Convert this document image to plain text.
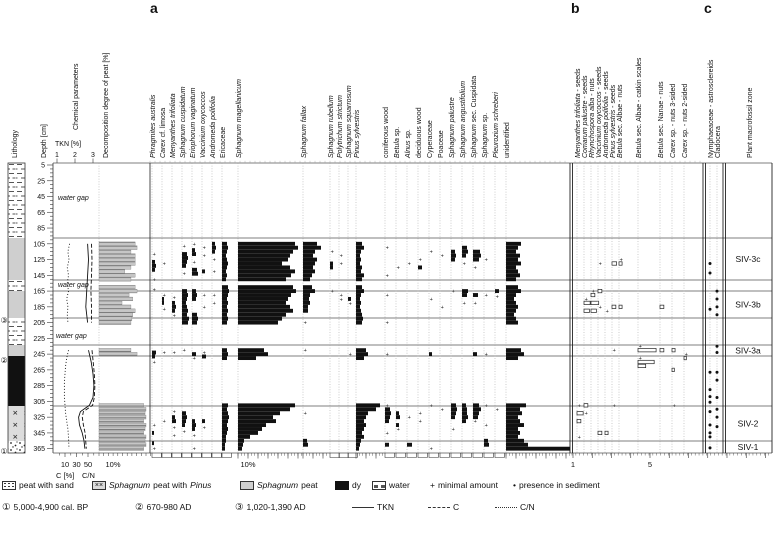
③
②
①
Lithology	Depth [cm]
Chemical parameters	Decomposition degree of peat [%]	Plant macrofossil zone
TKN [%]
5
25
45
65
85
105
125
145
165
185
205
225
245
265
285
305
325
345
365
water gap
water gap
water gap
1 2 3	Phragmites australis
+
+
+
+
+
+
Carex cf. limosa
+
+
+
+
+
Menyanthes trifoliata
+
+
+
+
+
+
Sphagnum cuspidatum
+
+
+
+
Eriophorum vaginatum
+
+
+
+
+
Vaccinium oxycoccos
+
+
+
+
+
+
Andromeda polifolia
+
+
+
+
Ericaceae Sphagnum magellanicum	Sphagnum fallax
+
+
+
Sphagnum rubellum
+
+
Polytrichum strictum
+
+
+
+
Sphagnum squarrosum
+
+
Pinus sylvestris	coniferous wood
+
+
+
+
+
+
+
Betula sp.
+
+
Alnus sp.
+
+
deciduous wood
+
+
+
Cyperaceae
+
+
+
+
Poaceae
+
+
+
Sphagnum palustre
+
+
Sphagnum angustifolium
+
+
Sphagnum sec. Cuspidata
+
+
+
Sphagnum sp.
+
+
+
+
+
Pleurozium schreberi
+
+
unidentified
10%
10 30 50
C [%] C/N
10%
Menyanthes trifoliata - seeds
+
+
Comarum palustre - seeds
+
+
Rhynchospora alba - nuts
+
Vaccinium oxycoccos - seeds
+
+
Andromeda polifolia - seeds
+
Pinus sylvestris - seeds
+
+
Betula sec. Albae - nuts
+
Betula sec. Albae - catkin scales
+
+
Betula sec. Nanae - nuts
Carex sp. - nuts 3-sided
+
Carex sp. - nuts 2-sided
+
1	5
Nymphaeaceae - astrosclereids Cladocera
SIV-3c
SIV-3b
SIV-3a
SIV-2
SIV-1
a	b	c
peat with sand	×× Sphagnum peat with Pinus	Sphagnum peat	dy	water + minimal amount • presence in sediment
① 5,000-4,900 cal. BP	② 670-980 AD	③ 1,020-1,390 AD	TKN	C	C/N
